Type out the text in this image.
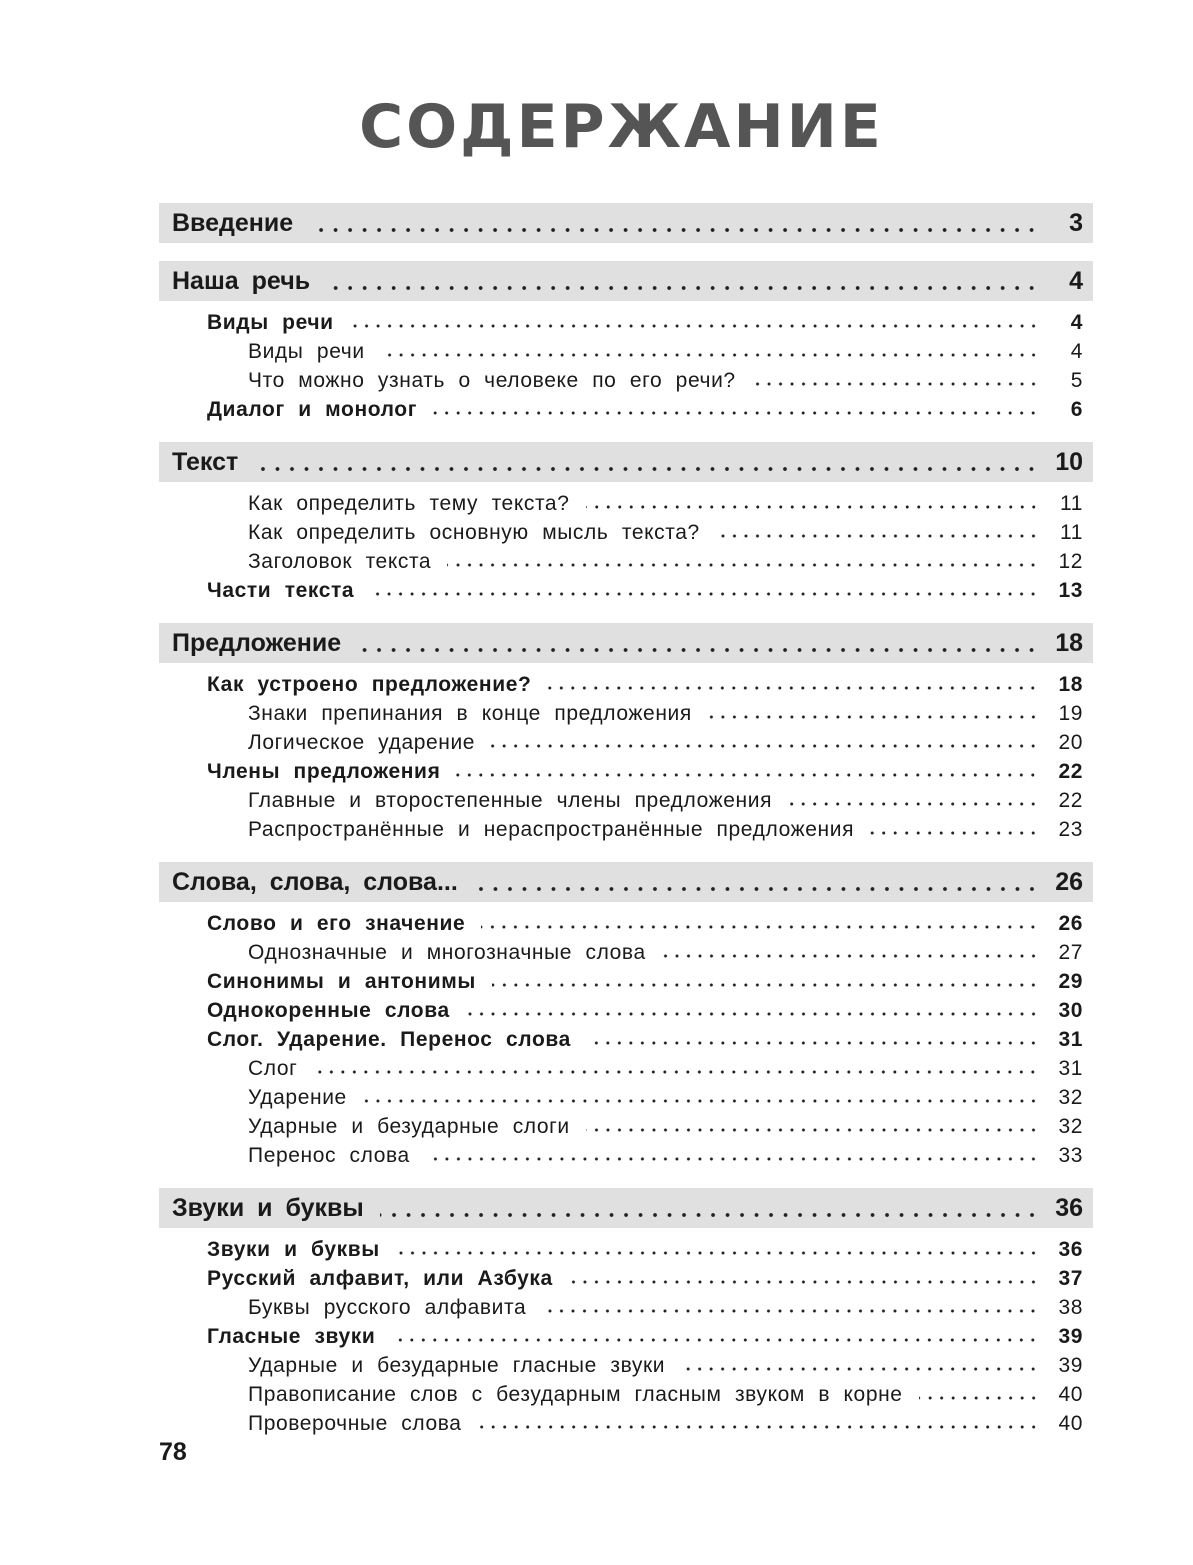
СОДЕРЖАНИЕ
Введение	3
Наша речь	4
Виды речи	4
Виды речи	4
Что можно узнать о человеке по его речи?	5
Диалог и монолог	6
Текст	10
Как определить тему текста?	11
Как определить основную мысль текста?	11
Заголовок текста	12
Части текста	13
Предложение	18
Как устроено предложение?	18
Знаки препинания в конце предложения	19
Логическое ударение	20
Члены предложения	22
Главные и второстепенные члены предложения	22
Распространённые и нераспространённые предложения	23
Слова, слова, слова...	26
Слово и его значение	26
Однозначные и многозначные слова	27
Синонимы и антонимы	29
Однокоренные слова	30
Слог. Ударение. Перенос слова	31
Слог	31
Ударение	32
Ударные и безударные слоги	32
Перенос слова	33
Звуки и буквы	36
Звуки и буквы	36
Русский алфавит, или Азбука	37
Буквы русского алфавита	38
Гласные звуки	39
Ударные и безударные гласные звуки	39
Правописание слов с безударным гласным звуком в корне	40
Проверочные слова	40
78
